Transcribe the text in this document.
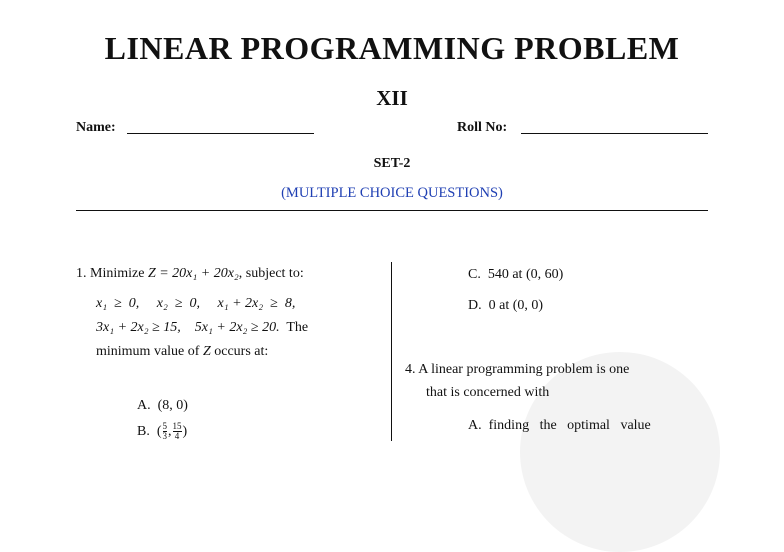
LINEAR PROGRAMMING PROBLEM
XII
Name:	Roll No:
SET-2
(MULTIPLE CHOICE QUESTIONS)
1. Minimize Z = 20x₁ + 20x₂, subject to:
x₁  ≥  0,     x₂  ≥  0,     x₁ + 2x₂  ≥  8,
3x₁ + 2x₂ ≥ 15,    5x₁ + 2x₂ ≥ 20. The
minimum value of Z occurs at:
A. (8, 0)
B. ( $\frac{5}{3}$ , $\frac{15}{4}$ )
C. 540 at (0, 60)
D. 0 at (0, 0)
4. A linear programming problem is one
that is concerned with
A. finding   the   optimal   value
